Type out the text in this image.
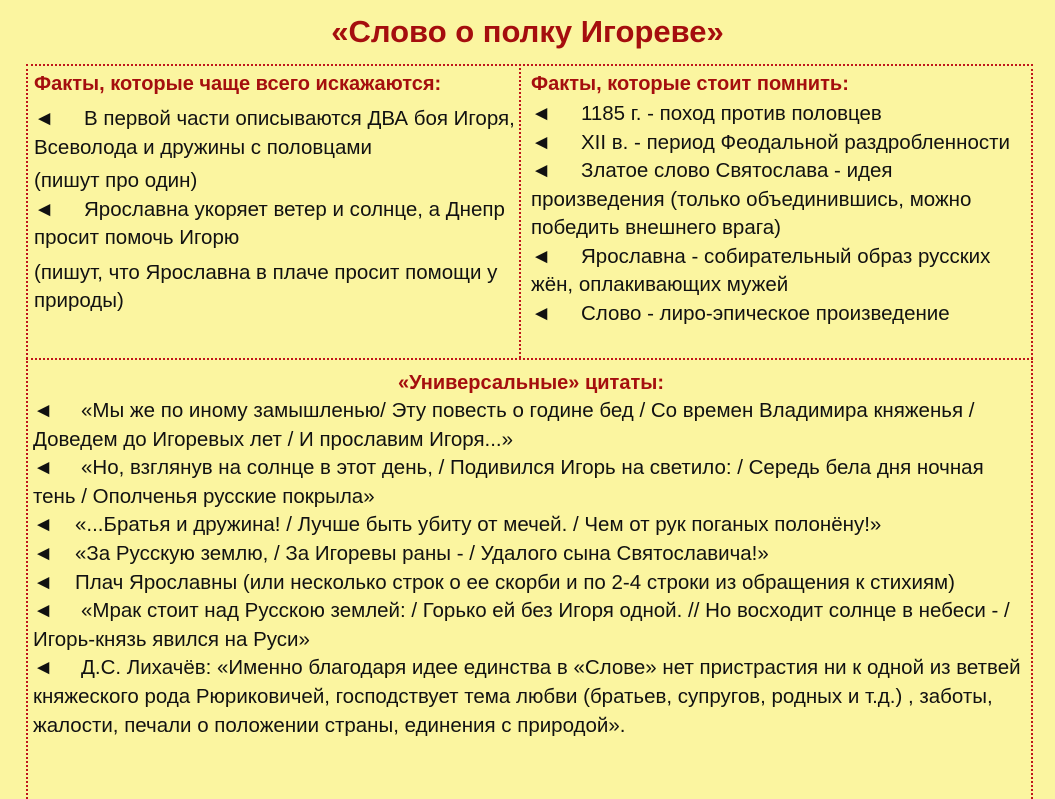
«Слово о полку Игореве»
Факты, которые чаще всего искажаются:
◄ В первой части описываются ДВА боя Игоря, Всеволода и дружины с половцами
(пишут про один)
◄ Ярославна укоряет ветер и солнце, а Днепр просит помочь Игорю
(пишут, что Ярославна в плаче просит помощи у природы)
Факты, которые стоит помнить:
◄ 1185 г. - поход против половцев
◄ XII в. - период Феодальной раздробленности
◄ Златое слово Святослава - идея произведения (только объединившись, можно победить внешнего врага)
◄ Ярославна - собирательный образ русских жён, оплакивающих мужей
◄ Слово - лиро-эпическое произведение
«Универсальные» цитаты:
◄ «Мы же по иному замышленью/ Эту повесть о године бед / Со времен Владимира княженья / Доведем до Игоревых лет / И прославим Игоря...»
◄ «Но, взглянув на солнце в этот день, / Подивился Игорь на светило: / Середь бела дня ночная тень / Ополченья русские покрыла»
◄ «...Братья и дружина! / Лучше быть убиту от мечей. / Чем от рук поганых полонёну!»
◄ «За Русскую землю, / За Игоревы раны - / Удалого сына Святославича!»
◄ Плач Ярославны (или несколько строк о ее скорби и по 2-4 строки из обращения к стихиям)
◄ «Мрак стоит над Русскою землей: / Горько ей без Игоря одной. // Но восходит солнце в небеси - / Игорь-князь явился на Руси»
◄ Д.С. Лихачёв: «Именно благодаря идее единства в «Слове» нет пристрастия ни к одной из ветвей княжеского рода Рюриковичей, господствует тема любви (братьев, супругов, родных и т.д.) , заботы, жалости, печали о положении страны, единения с природой».
